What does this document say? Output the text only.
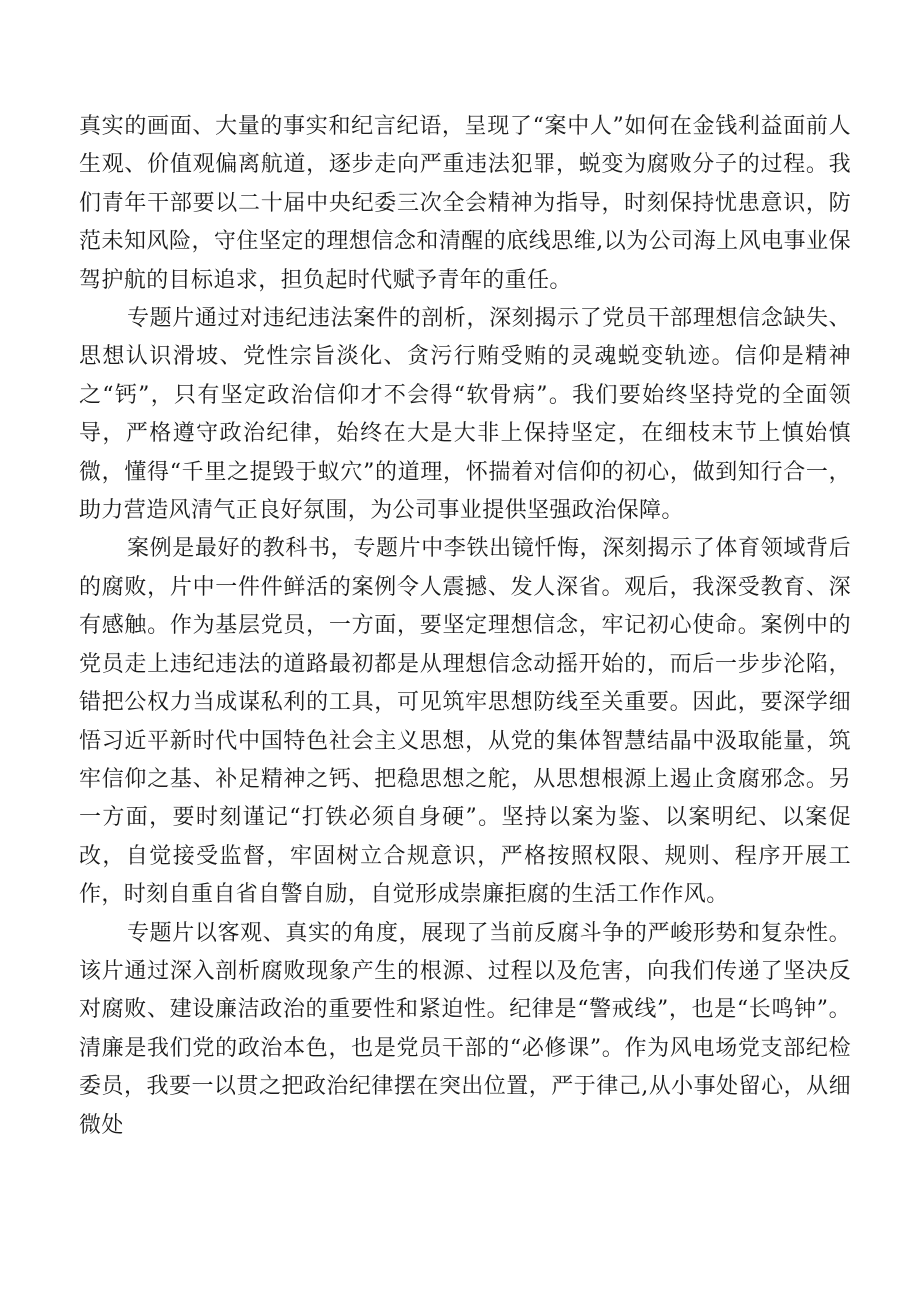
真实的画面、大量的事实和纪言纪语，呈现了“案中人”如何在金钱利益面前人生观、价值观偏离航道，逐步走向严重违法犯罪，蜕变为腐败分子的过程。我们青年干部要以二十届中央纪委三次全会精神为指导，时刻保持忧患意识，防范未知风险，守住坚定的理想信念和清醒的底线思维,以为公司海上风电事业保驾护航的目标追求，担负起时代赋予青年的重任。

专题片通过对违纪违法案件的剖析，深刻揭示了党员干部理想信念缺失、思想认识滑坡、党性宗旨淡化、贪污行贿受贿的灵魂蜕变轨迹。信仰是精神之“钙”，只有坚定政治信仰才不会得“软骨病”。我们要始终坚持党的全面领导，严格遵守政治纪律，始终在大是大非上保持坚定，在细枝末节上慎始慎微，懂得“千里之提毁于蚁穴”的道理，怀揣着对信仰的初心，做到知行合一，助力营造风清气正良好氛围，为公司事业提供坚强政治保障。

案例是最好的教科书，专题片中李铁出镜忏悔，深刻揭示了体育领域背后的腐败，片中一件件鲜活的案例令人震撼、发人深省。观后，我深受教育、深有感触。作为基层党员，一方面，要坚定理想信念，牢记初心使命。案例中的党员走上违纪违法的道路最初都是从理想信念动摇开始的，而后一步步沦陷，错把公权力当成谋私利的工具，可见筑牢思想防线至关重要。因此，要深学细悟习近平新时代中国特色社会主义思想，从党的集体智慧结晶中汲取能量，筑牢信仰之基、补足精神之钙、把稳思想之舵，从思想根源上遏止贪腐邪念。另一方面，要时刻谨记“打铁必须自身硬”。坚持以案为鉴、以案明纪、以案促改，自觉接受监督，牢固树立合规意识，严格按照权限、规则、程序开展工作，时刻自重自省自警自励，自觉形成崇廉拒腐的生活工作作风。

专题片以客观、真实的角度，展现了当前反腐斗争的严峻形势和复杂性。该片通过深入剖析腐败现象产生的根源、过程以及危害，向我们传递了坚决反对腐败、建设廉洁政治的重要性和紧迫性。纪律是“警戒线”，也是“长鸣钟”。清廉是我们党的政治本色，也是党员干部的“必修课”。作为风电场党支部纪检委员，我要一以贯之把政治纪律摆在突出位置，严于律己,从小事处留心，从细微处
